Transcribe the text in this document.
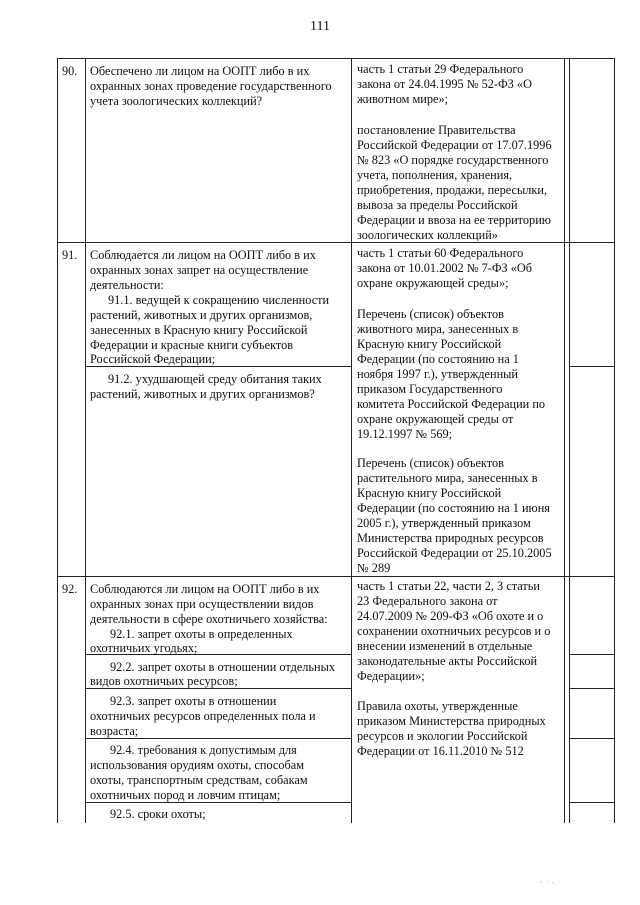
111
90. Обеспечено ли лицом на ООПТ либо в их
охранных зонах проведение государственного
учета зоологических коллекций?
часть 1 статьи 29 Федерального
закона от 24.04.1995 № 52-ФЗ «О
животном мире»;
постановление Правительства
Российской Федерации от 17.07.1996
№ 823 «О порядке государственного
учета, пополнения, хранения,
приобретения, продажи, пересылки,
вывоза за пределы Российской
Федерации и ввоза на ее территорию
зоологических коллекций»
91. Соблюдается ли лицом на ООПТ либо в их
охранных зонах запрет на осуществление
деятельности:
91.1. ведущей к сокращению численности
растений, животных и других организмов,
занесенных в Красную книгу Российской
Федерации и красные книги субъектов
Российской Федерации;
91.2. ухудшающей среду обитания таких
растений, животных и других организмов?
часть 1 статьи 60 Федерального
закона от 10.01.2002 № 7-ФЗ «Об
охране окружающей среды»;
Перечень (список) объектов
животного мира, занесенных в
Красную книгу Российской
Федерации (по состоянию на 1
ноября 1997 г.), утвержденный
приказом Государственного
комитета Российской Федерации по
охране окружающей среды от
19.12.1997 № 569;
Перечень (список) объектов
растительного мира, занесенных в
Красную книгу Российской
Федерации (по состоянию на 1 июня
2005 г.), утвержденный приказом
Министерства природных ресурсов
Российской Федерации от 25.10.2005
№ 289
92. Соблюдаются ли лицом на ООПТ либо в их
охранных зонах при осуществлении видов
деятельности в сфере охотничьего хозяйства:
92.1. запрет охоты в определенных
охотничьих угодьях;
92.2. запрет охоты в отношении отдельных
видов охотничьих ресурсов;
92.3. запрет охоты в отношении
охотничьих ресурсов определенных пола и
возраста;
92.4. требования к допустимым для
использования орудиям охоты, способам
охоты, транспортным средствам, собакам
охотничьих пород и ловчим птицам;
92.5. сроки охоты;
часть 1 статьи 22, части 2, 3 статьи
23 Федерального закона от
24.07.2009 № 209-ФЗ «Об охоте и о
сохранении охотничьих ресурсов и о
внесении изменений в отдельные
законодательные акты Российской
Федерации»;
Правила охоты, утвержденные
приказом Министерства природных
ресурсов и экологии Российской
Федерации от 16.11.2010 № 512
